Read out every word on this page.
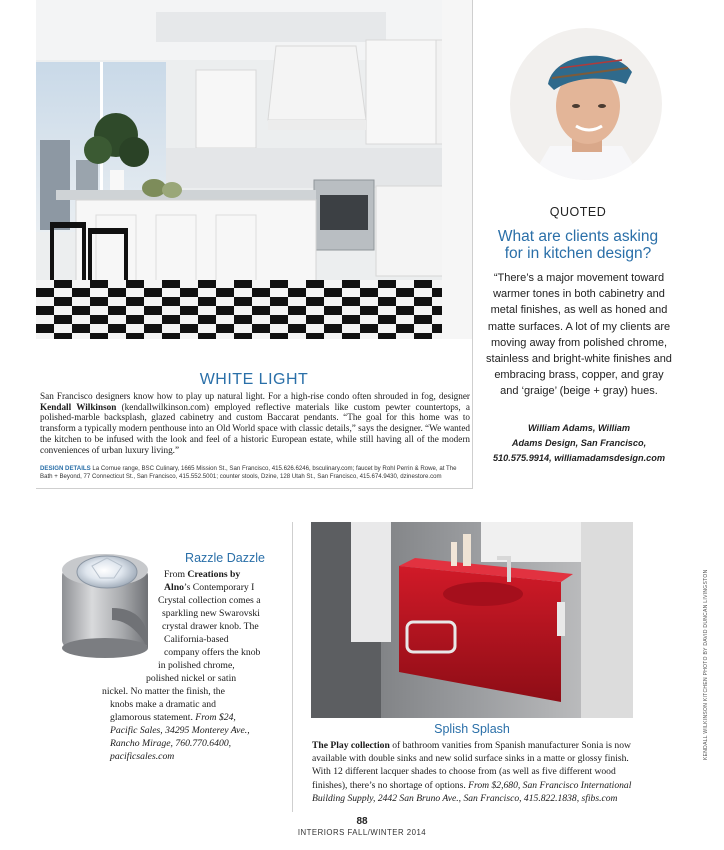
QUOTED
What are clients asking
for in kitchen design?
“There’s a major movement toward warmer tones in both cabinetry and metal finishes, as well as honed and matte surfaces. A lot of my clients are moving away from polished chrome, stainless and bright-white finishes and embracing brass, copper, and gray and ‘graige’ (beige + gray) hues.
William Adams, William
Adams Design, San Francisco,
510.575.9914, williamadamsdesign.com
WHITE LIGHT
San Francisco designers know how to play up natural light. For a high-rise condo often shrouded in fog, designer Kendall Wilkinson (kendallwilkinson.com) employed reflective materials like custom pewter countertops, a polished-marble backsplash, glazed cabinetry and custom Baccarat pendants. “The goal for this home was to transform a typically modern penthouse into an Old World space with classic details,” says the designer. “We wanted the kitchen to be infused with the look and feel of a historic European estate, while still having all of the modern conveniences of urban luxury living.”
DESIGN DETAILS La Cornue range, BSC Culinary, 1665 Mission St., San Francisco, 415.626.6246, bsculinary.com; faucet by Rohl Perrin & Rowe, at The Bath + Beyond, 77 Connecticut St., San Francisco, 415.552.5001; counter stools, Dzine, 128 Utah St., San Francisco, 415.674.9430, dzinestore.com
Razzle Dazzle
From Creations by
Alno’s Contemporary I
Crystal collection comes a
sparkling new Swarovski
crystal drawer knob. The
California-based
company offers the knob
in polished chrome,
polished nickel or satin
nickel. No matter the finish, the
knobs make a dramatic and
glamorous statement. From $24,
Pacific Sales, 34295 Monterey Ave.,
Rancho Mirage, 760.770.6400,
pacificsales.com
Splish Splash
The Play collection of bathroom vanities from Spanish manufacturer Sonia is now available with double sinks and new solid surface sinks in a matte or glossy finish. With 12 different lacquer shades to choose from (as well as five different wood finishes), there’s no shortage of options. From $2,680, San Francisco International Building Supply, 2442 San Bruno Ave., San Francisco, 415.822.1838, sfibs.com
88
INTERIORS FALL/WINTER 2014
KENDALL WILKINSON KITCHEN PHOTO BY DAVID DUNCAN LIVINGSTON
